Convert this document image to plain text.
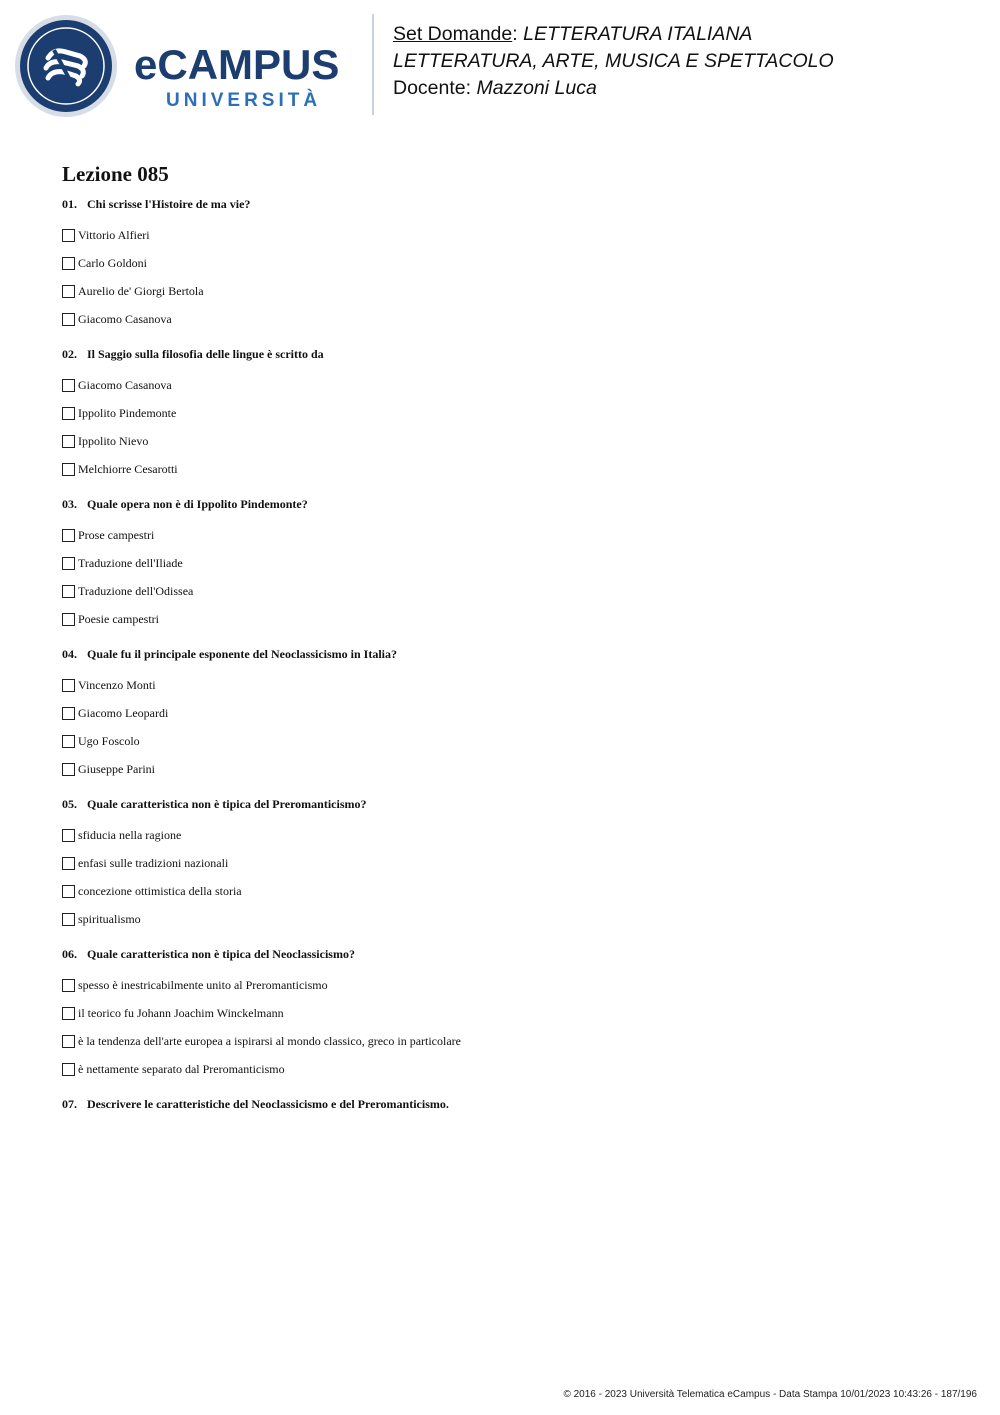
eCAMPUS
UNIVERSITÀ
Set Domande: LETTERATURA ITALIANA
LETTERATURA, ARTE, MUSICA E SPETTACOLO
Docente: Mazzoni Luca
Lezione 085
01. Chi scrisse l'Histoire de ma vie?
Vittorio Alfieri
Carlo Goldoni
Aurelio de' Giorgi Bertola
Giacomo Casanova
02. Il Saggio sulla filosofia delle lingue è scritto da
Giacomo Casanova
Ippolito Pindemonte
Ippolito Nievo
Melchiorre Cesarotti
03. Quale opera non è di Ippolito Pindemonte?
Prose campestri
Traduzione dell'Iliade
Traduzione dell'Odissea
Poesie campestri
04. Quale fu il principale esponente del Neoclassicismo in Italia?
Vincenzo Monti
Giacomo Leopardi
Ugo Foscolo
Giuseppe Parini
05. Quale caratteristica non è tipica del Preromanticismo?
sfiducia nella ragione
enfasi sulle tradizioni nazionali
concezione ottimistica della storia
spiritualismo
06. Quale caratteristica non è tipica del Neoclassicismo?
spesso è inestricabilmente unito al Preromanticismo
il teorico fu Johann Joachim Winckelmann
è la tendenza dell'arte europea a ispirarsi al mondo classico, greco in particolare
è nettamente separato dal Preromanticismo
07. Descrivere le caratteristiche del Neoclassicismo e del Preromanticismo.
© 2016 - 2023 Università Telematica eCampus - Data Stampa 10/01/2023 10:43:26 - 187/196
